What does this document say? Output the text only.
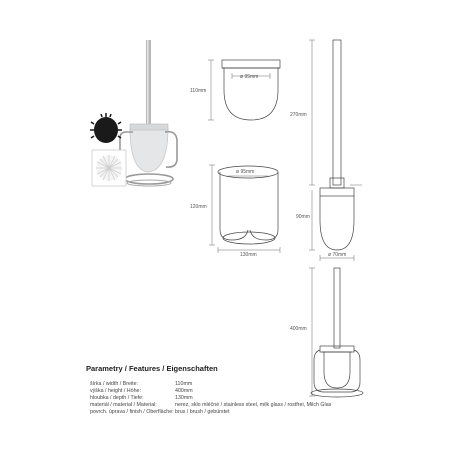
110mm
ø 95mm
120mm
ø 95mm
130mm
270mm
90mm
ø 70mm
400mm
Parametry / Features / Eigenschaften
šírka / width / Breite:	110mm
výška / height / Höhe:	400mm
hloubka / depth / Tiefe:	130mm
materiál / material / Material:	nerez, sklo mléčné / stainless steel, milk glass / rostfrei, Milch Glas
povrch. úprava / finish / Oberfläche: brus / brush / gebürstet
